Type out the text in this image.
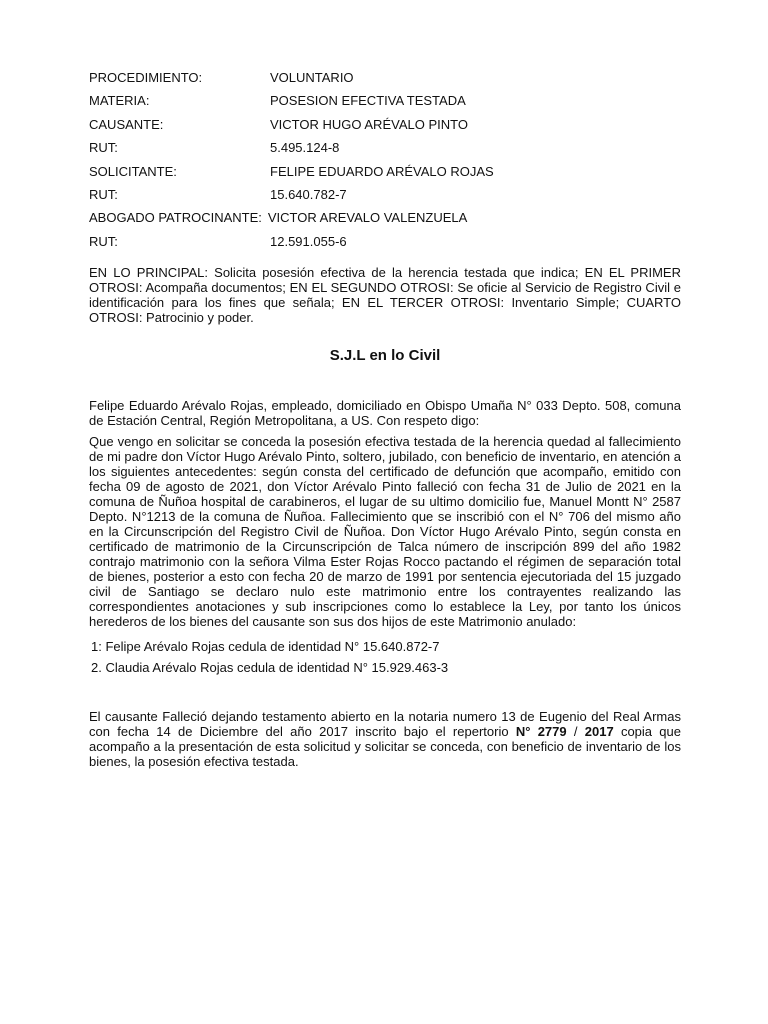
PROCEDIMIENTO:	VOLUNTARIO
MATERIA:	POSESION EFECTIVA TESTADA
CAUSANTE:	VICTOR HUGO ARÉVALO PINTO
RUT:	5.495.124-8
SOLICITANTE:	FELIPE EDUARDO ARÉVALO ROJAS
RUT:	15.640.782-7
ABOGADO PATROCINANTE: VICTOR AREVALO VALENZUELA
RUT:	12.591.055-6

EN LO PRINCIPAL: Solicita posesión efectiva de la herencia testada que indica; EN EL PRIMER OTROSI: Acompaña documentos; EN EL SEGUNDO OTROSI: Se oficie al Servicio de Registro Civil e identificación para los fines que señala; EN EL TERCER OTROSI: Inventario Simple; CUARTO OTROSI: Patrocinio y poder.

S.J.L en lo Civil

Felipe Eduardo Arévalo Rojas, empleado, domiciliado en Obispo Umaña N° 033 Depto. 508, comuna de Estación Central, Región Metropolitana, a US. Con respeto digo:

Que vengo en solicitar se conceda la posesión efectiva testada de la herencia quedad al fallecimiento de mi padre don Víctor Hugo Arévalo Pinto, soltero, jubilado, con beneficio de inventario, en atención a los siguientes antecedentes: según consta del certificado de defunción que acompaño, emitido con fecha 09 de agosto de 2021, don Víctor Arévalo Pinto falleció con fecha 31 de Julio de 2021 en la comuna de Ñuñoa hospital de carabineros, el lugar de su ultimo domicilio fue, Manuel Montt N° 2587 Depto. N°1213 de la comuna de Ñuñoa. Fallecimiento que se inscribió con el N° 706 del mismo año en la Circunscripción del Registro Civil de Ñuñoa. Don Víctor Hugo Arévalo Pinto, según consta en certificado de matrimonio de la Circunscripción de Talca número de inscripción 899 del año 1982 contrajo matrimonio con la señora Vilma Ester Rojas Rocco pactando el régimen de separación total de bienes, posterior a esto con fecha 20 de marzo de 1991 por sentencia ejecutoriada del 15 juzgado civil de Santiago se declaro nulo este matrimonio entre los contrayentes realizando las correspondientes anotaciones y sub inscripciones como lo establece la Ley, por tanto los únicos herederos de los bienes del causante son sus dos hijos de este Matrimonio anulado:

1: Felipe Arévalo Rojas cedula de identidad N° 15.640.872-7
2. Claudia Arévalo Rojas cedula de identidad N° 15.929.463-3

El causante Falleció dejando testamento abierto en la notaria numero 13 de Eugenio del Real Armas con fecha 14 de Diciembre del año 2017 inscrito bajo el repertorio N° 2779 / 2017 copia que acompaño a la presentación de esta solicitud y solicitar se conceda, con beneficio de inventario de los bienes, la posesión efectiva testada.
